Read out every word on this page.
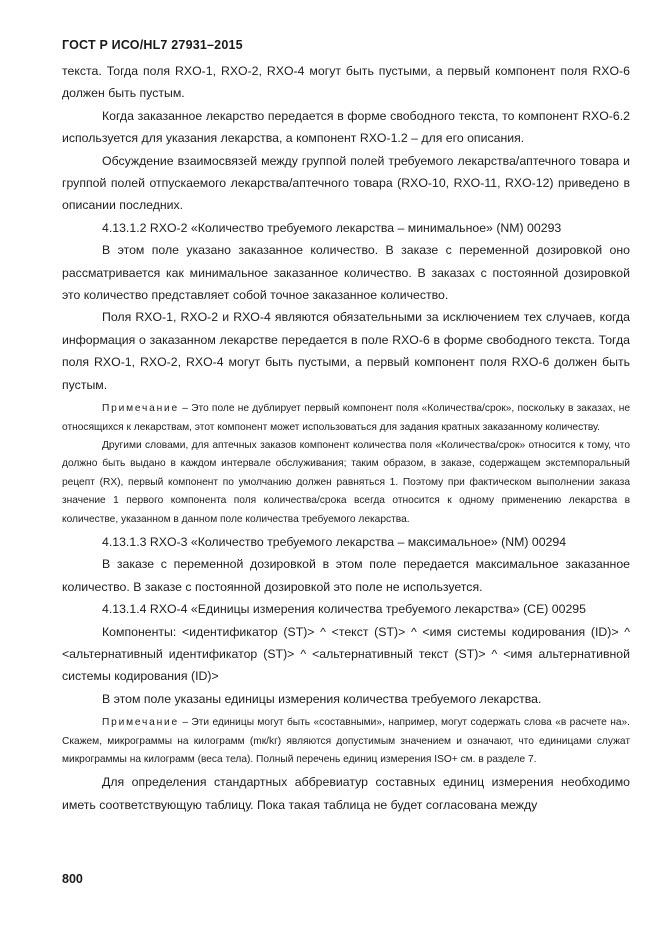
ГОСТ Р ИСО/HL7 27931–2015

текста. Тогда поля RXO-1, RXO-2, RXO-4 могут быть пустыми, а первый компонент поля RXO-6 должен быть пустым.

Когда заказанное лекарство передается в форме свободного текста, то компонент RXO-6.2 используется для указания лекарства, а компонент RXO-1.2 – для его описания.

Обсуждение взаимосвязей между группой полей требуемого лекарства/аптечного товара и группой полей отпускаемого лекарства/аптечного товара (RXO-10, RXO-11, RXO-12) приведено в описании последних.

4.13.1.2 RXO-2 «Количество требуемого лекарства – минимальное» (NM) 00293

В этом поле указано заказанное количество. В заказе с переменной дозировкой оно рассматривается как минимальное заказанное количество. В заказах с постоянной дозировкой это количество представляет собой точное заказанное количество.

Поля RXO-1, RXO-2 и RXO-4 являются обязательными за исключением тех случаев, когда информация о заказанном лекарстве передается в поле RXO-6 в форме свободного текста. Тогда поля RXO-1, RXO-2, RXO-4 могут быть пустыми, а первый компонент поля RXO-6 должен быть пустым.

Примечание – Это поле не дублирует первый компонент поля «Количества/срок», поскольку в заказах, не относящихся к лекарствам, этот компонент может использоваться для задания кратных заказанному количеству.

Другими словами, для аптечных заказов компонент количества поля «Количества/срок» относится к тому, что должно быть выдано в каждом интервале обслуживания; таким образом, в заказе, содержащем экстемпоральный рецепт (RX), первый компонент по умолчанию должен равняться 1. Поэтому при фактическом выполнении заказа значение 1 первого компонента поля количества/срока всегда относится к одному применению лекарства в количестве, указанном в данном поле количества требуемого лекарства.

4.13.1.3 RXO-3 «Количество требуемого лекарства – максимальное» (NM) 00294

В заказе с переменной дозировкой в этом поле передается максимальное заказанное количество. В заказе с постоянной дозировкой это поле не используется.

4.13.1.4 RXO-4 «Единицы измерения количества требуемого лекарства» (CE) 00295

Компоненты: <идентификатор (ST)> ^ <текст (ST)> ^ <имя системы кодирования (ID)> ^ <альтернативный идентификатор (ST)> ^ <альтернативный текст (ST)> ^ <имя альтернативной системы кодирования (ID)>

В этом поле указаны единицы измерения количества требуемого лекарства.

Примечание – Эти единицы могут быть «составными», например, могут содержать слова «в расчете на». Скажем, микрограммы на килограмм (mк/kг) являются допустимым значением и означают, что единицами служат микрограммы на килограмм (веса тела). Полный перечень единиц измерения ISO+ см. в разделе 7.

Для определения стандартных аббревиатур составных единиц измерения необходимо иметь соответствующую таблицу. Пока такая таблица не будет согласована между

800
